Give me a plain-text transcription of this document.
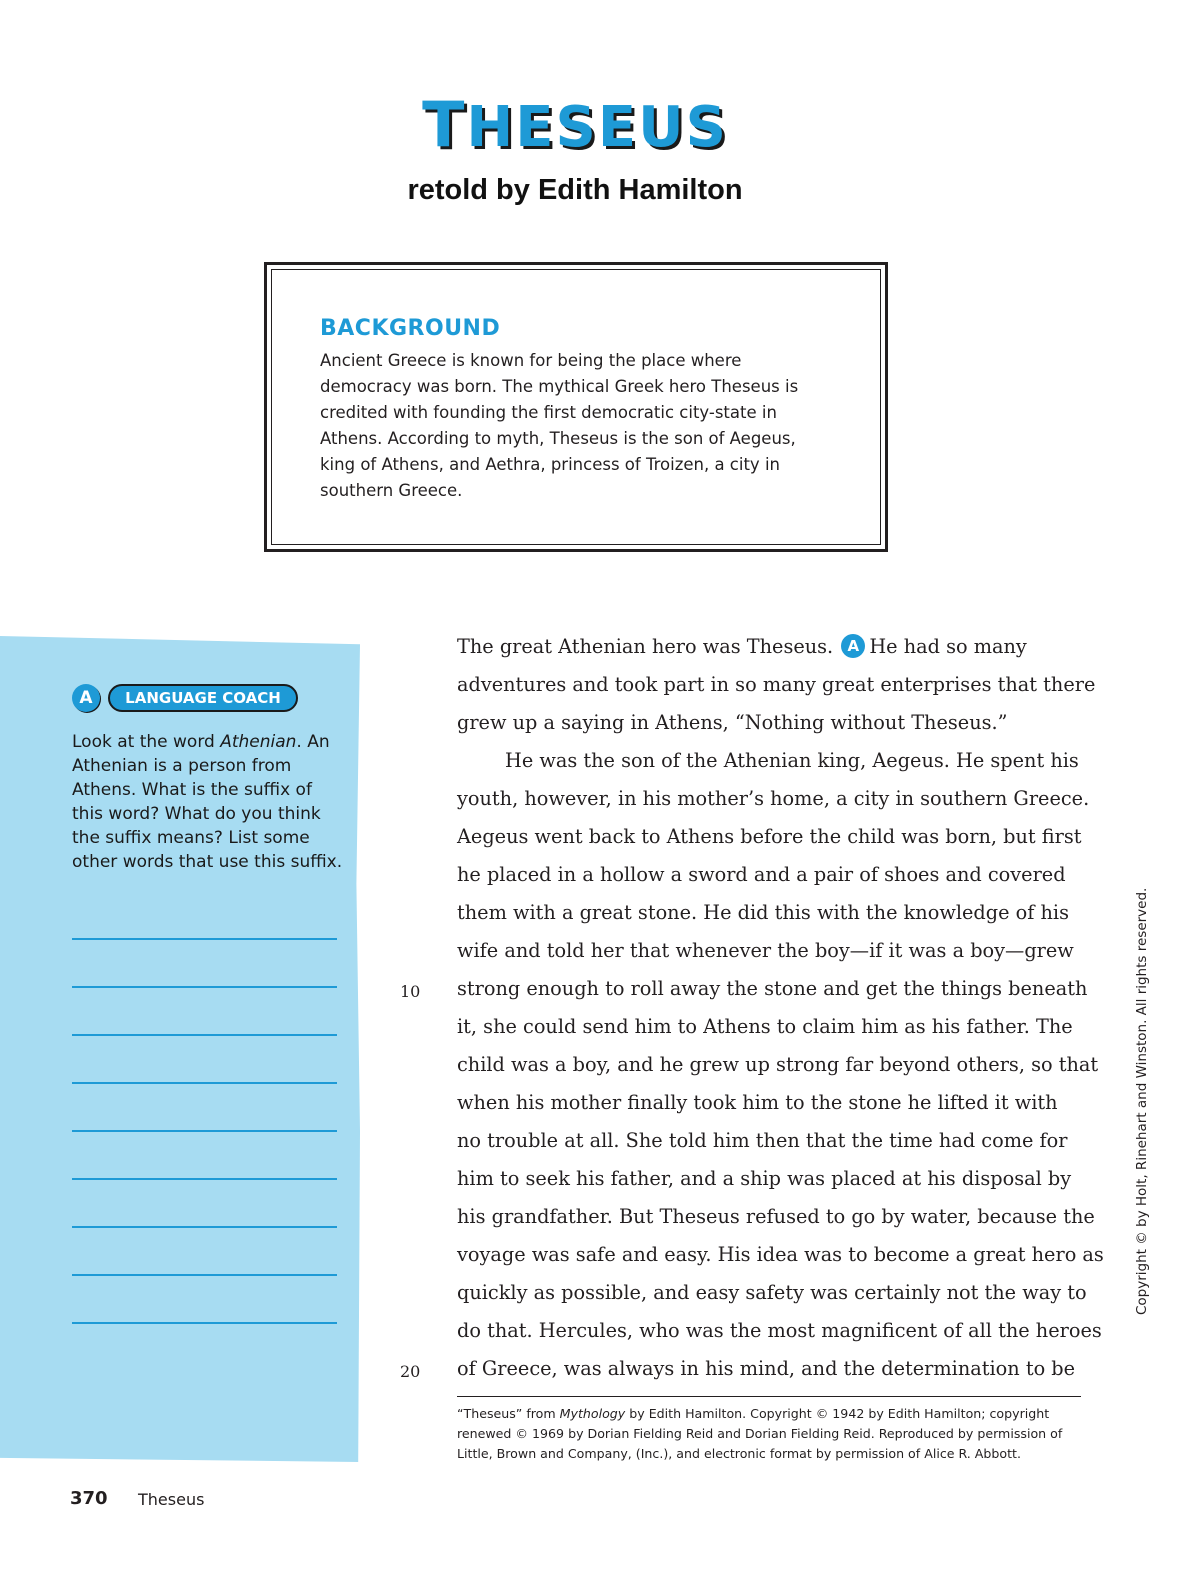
THESEUS
retold by Edith Hamilton
BACKGROUND
Ancient Greece is known for being the place where democracy was born. The mythical Greek hero Theseus is credited with founding the first democratic city-state in Athens. According to myth, Theseus is the son of Aegeus, king of Athens, and Aethra, princess of Troizen, a city in southern Greece.
A	LANGUAGE COACH
Look at the word Athenian. An Athenian is a person from Athens. What is the suffix of this word? What do you think the suffix means? List some other words that use this suffix.
The great Athenian hero was Theseus. A He had so many
adventures and took part in so many great enterprises that there
grew up a saying in Athens, “Nothing without Theseus.”
He was the son of the Athenian king, Aegeus. He spent his
youth, however, in his mother’s home, a city in southern Greece.
Aegeus went back to Athens before the child was born, but first
he placed in a hollow a sword and a pair of shoes and covered
them with a great stone. He did this with the knowledge of his
wife and told her that whenever the boy—if it was a boy—grew
strong enough to roll away the stone and get the things beneath
it, she could send him to Athens to claim him as his father. The
child was a boy, and he grew up strong far beyond others, so that
when his mother finally took him to the stone he lifted it with
no trouble at all. She told him then that the time had come for
him to seek his father, and a ship was placed at his disposal by
his grandfather. But Theseus refused to go by water, because the
voyage was safe and easy. His idea was to become a great hero as
quickly as possible, and easy safety was certainly not the way to
do that. Hercules, who was the most magnificent of all the heroes
of Greece, was always in his mind, and the determination to be
10
20
“Theseus” from Mythology by Edith Hamilton. Copyright © 1942 by Edith Hamilton; copyright renewed © 1969 by Dorian Fielding Reid and Dorian Fielding Reid. Reproduced by permission of Little, Brown and Company, (Inc.), and electronic format by permission of Alice R. Abbott.
Copyright © by Holt, Rinehart and Winston. All rights reserved.
370 Theseus
